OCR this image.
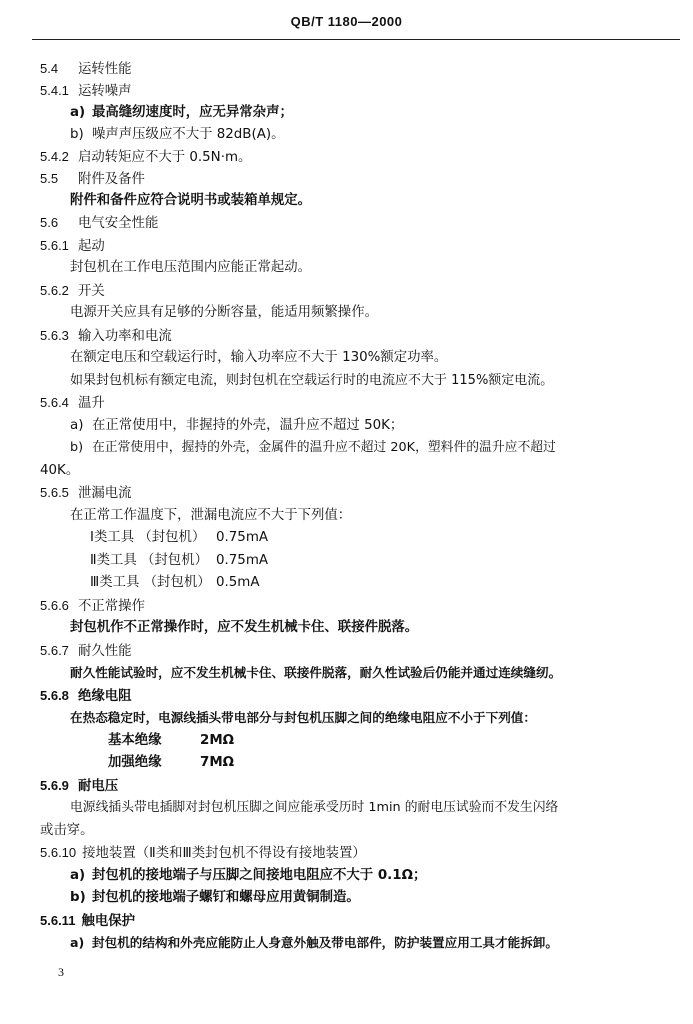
QB/T 1180—2000
5.4 运转性能
5.4.1 运转噪声
a) 最高缝纫速度时，应无异常杂声；
b) 噪声声压级应不大于 82dB(A)。
5.4.2 启动转矩应不大于 0.5N·m。
5.5 附件及备件
附件和备件应符合说明书或装箱单规定。
5.6 电气安全性能
5.6.1 起动
封包机在工作电压范围内应能正常起动。
5.6.2 开关
电源开关应具有足够的分断容量，能适用频繁操作。
5.6.3 输入功率和电流
在额定电压和空载运行时，输入功率应不大于 130%额定功率。
如果封包机标有额定电流，则封包机在空载运行时的电流应不大于 115%额定电流。
5.6.4 温升
a) 在正常使用中，非握持的外壳，温升应不超过 50K；
b) 在正常使用中，握持的外壳，金属件的温升应不超过 20K，塑料件的温升应不超过
40K。
5.6.5 泄漏电流
在正常工作温度下，泄漏电流应不大于下列值：
Ⅰ类工具 （封包机） 0.75mA
Ⅱ类工具 （封包机） 0.75mA
Ⅲ类工具 （封包机） 0.5mA
5.6.6 不正常操作
封包机作不正常操作时，应不发生机械卡住、联接件脱落。
5.6.7 耐久性能
耐久性能试验时，应不发生机械卡住、联接件脱落，耐久性试验后仍能并通过连续缝纫。
5.6.8 绝缘电阻
在热态稳定时，电源线插头带电部分与封包机压脚之间的绝缘电阻应不小于下列值：
基本绝缘	2MΩ
加强绝缘	7MΩ
5.6.9 耐电压
电源线插头带电插脚对封包机压脚之间应能承受历时 1min 的耐电压试验而不发生闪络
或击穿。
5.6.10 接地装置（Ⅱ类和Ⅲ类封包机不得设有接地装置）
a) 封包机的接地端子与压脚之间接地电阻应不大于 0.1Ω；
b) 封包机的接地端子螺钉和螺母应用黄铜制造。
5.6.11 触电保护
a) 封包机的结构和外壳应能防止人身意外触及带电部件，防护装置应用工具才能拆卸。
3
